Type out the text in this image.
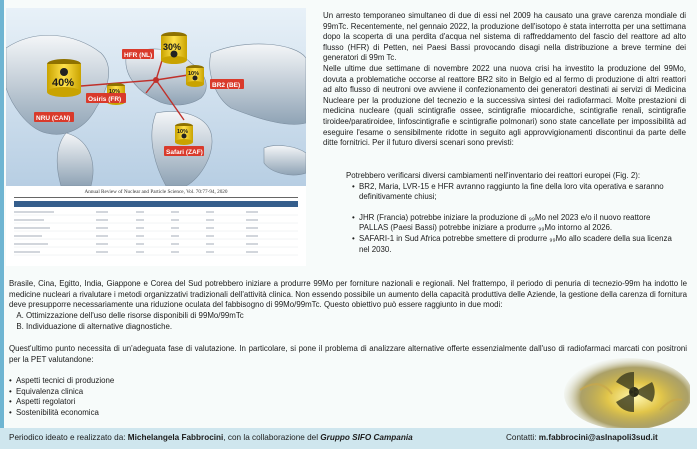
HFR (NL)
NRU (CAN)
Osiris (FR)
BR2 (BE)
Safari (ZAF)
40%
30%
10%
10%
10%
Annual Review of Nuclear and Particle Science, Vol. 70:77-94, 2020
Un arresto temporaneo simultaneo di due di essi nel 2009 ha causato una grave carenza mondiale di 99mTc. Recentemente, nel gennaio 2022, la produzione dell'isotopo è stata interrotta per una settimana dopo la scoperta di una perdita d'acqua nel sistema di raffreddamento del fascio del reattore ad alto flusso (HFR) di Petten, nei Paesi Bassi provocando disagi nella distribuzione a breve termine dei generatori di 99m Tc.
Nelle ultime due settimane di novembre 2022 una nuova crisi ha investito la produzione del 99Mo, dovuta a problematiche occorse al reattore BR2 sito in Belgio ed al fermo di produzione di altri reattori ad alto flusso di neutroni ove avviene il confezionamento dei generatori destinati ai servizi di Medicina Nucleare per la produzione del tecnezio e la successiva sintesi dei radiofarmaci. Molte prestazioni di medicina nucleare (quali scintigrafie ossee, scintigrafie miocardiche, scintigrafie renali, scintigrafie tiroidee/paratiroidee, linfoscintigrafie e scintigrafie polmonari) sono state cancellate per impossibilità ad eseguire l'esame o sensibilmente ridotte in seguito agli approvvigionamenti discontinui da parte delle ditte fornitrici. Per il futuro diversi scenari sono previsti:
Potrebbero verificarsi diversi cambiamenti nell'inventario dei reattori europei (Fig. 2):
• BR2, Maria, LVR-15 e HFR avranno raggiunto la fine della loro vita operativa e saranno definitivamente chiusi;
• JHR (Francia) potrebbe iniziare la produzione di ₉₉Mo nel 2023 e/o il nuovo reattore PALLAS (Paesi Bassi) potrebbe iniziare a produrre ₉₉Mo intorno al 2026.
• SAFARI-1 in Sud Africa potrebbe smettere di produrre ₉₉Mo allo scadere della sua licenza nel 2030.
Brasile, Cina, Egitto, India, Giappone e Corea del Sud potrebbero iniziare a produrre 99Mo per forniture nazionali e regionali. Nel frattempo, il periodo di penuria di tecnezio-99m ha indotto le medicine nucleari a rivalutare i metodi organizzativi tradizionali dell'attività clinica. Non essendo possibile un aumento della capacità produttiva delle Aziende, la gestione della carenza di fornitura deve presupporre necessariamente una riduzione oculata del fabbisogno di 99Mo/99mTc. Questo obiettivo può essere raggiunto in due modi:
A. Ottimizzazione dell'uso delle risorse disponibili di 99Mo/99mTc
B. Individuazione di alternative diagnostiche.
Quest'ultimo punto necessita di un'adeguata fase di valutazione. In particolare, si pone il problema di analizzare alternative offerte essenzialmente dall'uso di radiofarmaci marcati con positroni per la PET valutandone:
• Aspetti tecnici di produzione
• Equivalenza clinica
• Aspetti regolatori
• Sostenibilità economica
Periodico ideato e realizzato da: Michelangela Fabbrocini, con la collaborazione del Gruppo SIFO Campania	Contatti: m.fabbrocini@aslnapoli3sud.it
